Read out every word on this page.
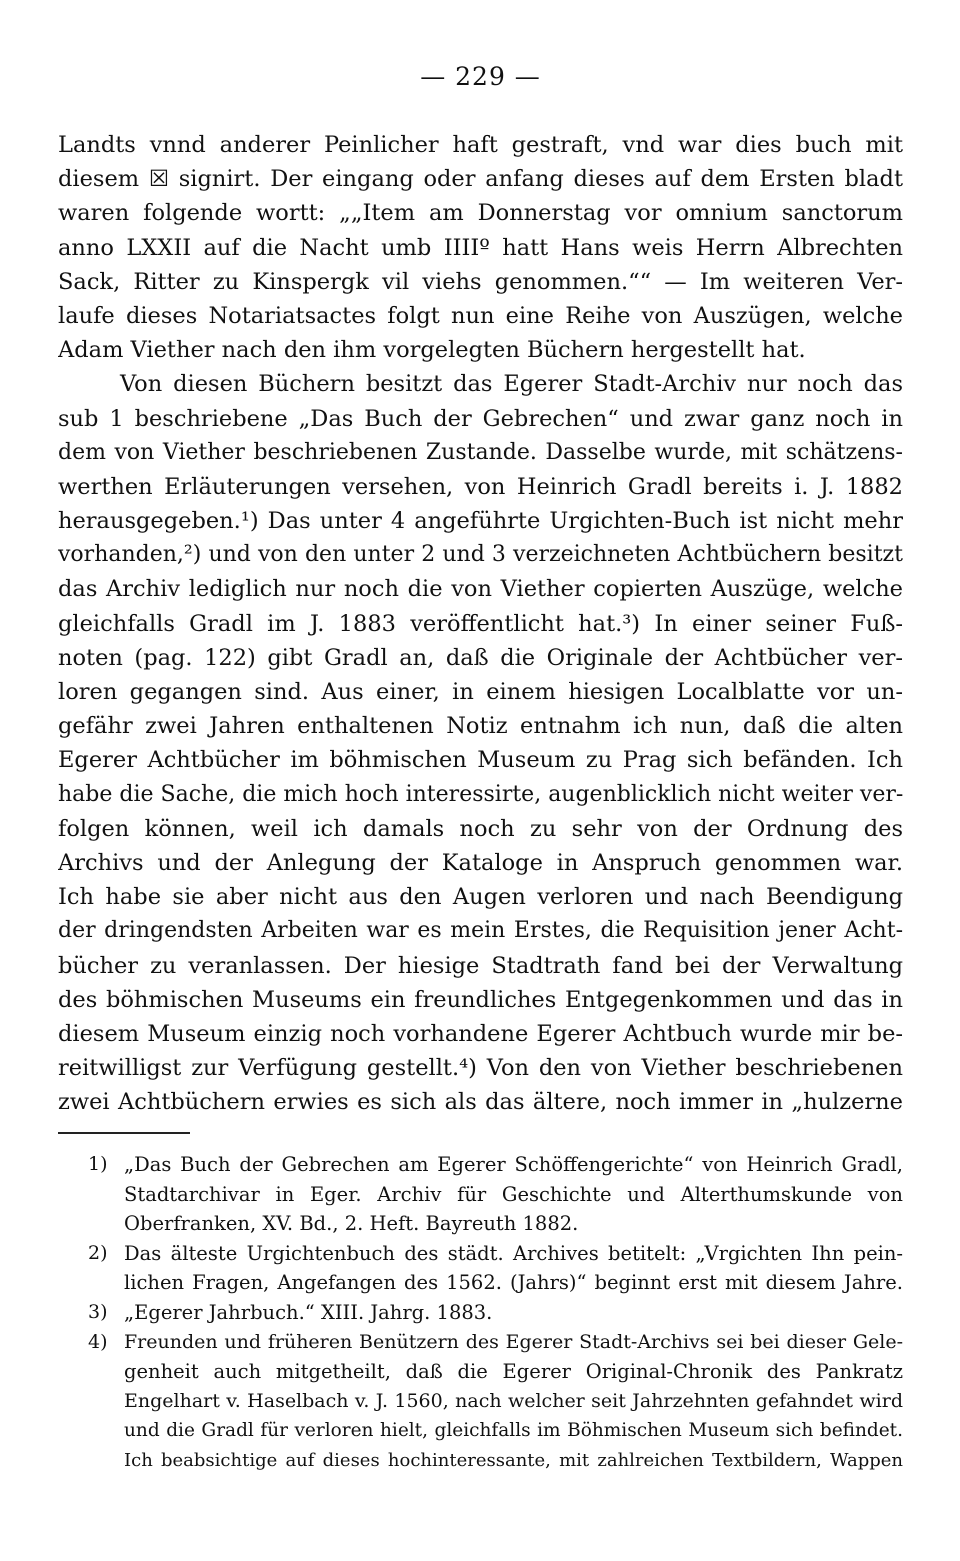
— 229 —
Landts vnnd anderer Peinlicher haft gestraft, vnd war dies buch mit
diesem ☒ signirt. Der eingang oder anfang dieses auf dem Ersten bladt
waren folgende wortt: „„Item am Donnerstag vor omnium sanctorum
anno LXXII auf die Nacht umb IIIIº hatt Hans weis Herrn Albrechten
Sack, Ritter zu Kinspergk vil viehs genommen.““ — Im weiteren Ver-
laufe dieses Notariatsactes folgt nun eine Reihe von Auszügen, welche
Adam Viether nach den ihm vorgelegten Büchern hergestellt hat.
Von diesen Büchern besitzt das Egerer Stadt-Archiv nur noch das
sub 1 beschriebene „Das Buch der Gebrechen“ und zwar ganz noch in
dem von Viether beschriebenen Zustande. Dasselbe wurde, mit schätzens-
werthen Erläuterungen versehen, von Heinrich Gradl bereits i. J. 1882
herausgegeben.¹) Das unter 4 angeführte Urgichten-Buch ist nicht mehr
vorhanden,²) und von den unter 2 und 3 verzeichneten Achtbüchern besitzt
das Archiv lediglich nur noch die von Viether copierten Auszüge, welche
gleichfalls Gradl im J. 1883 veröffentlicht hat.³) In einer seiner Fuß-
noten (pag. 122) gibt Gradl an, daß die Originale der Achtbücher ver-
loren gegangen sind. Aus einer, in einem hiesigen Localblatte vor un-
gefähr zwei Jahren enthaltenen Notiz entnahm ich nun, daß die alten
Egerer Achtbücher im böhmischen Museum zu Prag sich befänden. Ich
habe die Sache, die mich hoch interessirte, augenblicklich nicht weiter ver-
folgen können, weil ich damals noch zu sehr von der Ordnung des
Archivs und der Anlegung der Kataloge in Anspruch genommen war.
Ich habe sie aber nicht aus den Augen verloren und nach Beendigung
der dringendsten Arbeiten war es mein Erstes, die Requisition jener Acht-
bücher zu veranlassen. Der hiesige Stadtrath fand bei der Verwaltung
des böhmischen Museums ein freundliches Entgegenkommen und das in
diesem Museum einzig noch vorhandene Egerer Achtbuch wurde mir be-
reitwilligst zur Verfügung gestellt.⁴) Von den von Viether beschriebenen
zwei Achtbüchern erwies es sich als das ältere, noch immer in „hulzerne
1) „Das Buch der Gebrechen am Egerer Schöffengerichte“ von Heinrich Gradl,
Stadtarchivar in Eger. Archiv für Geschichte und Alterthumskunde von
Oberfranken, XV. Bd., 2. Heft. Bayreuth 1882.
2) Das älteste Urgichtenbuch des städt. Archives betitelt: „Vrgichten Ihn pein-
lichen Fragen, Angefangen des 1562. (Jahrs)“ beginnt erst mit diesem Jahre.
3) „Egerer Jahrbuch.“ XIII. Jahrg. 1883.
4) Freunden und früheren Benützern des Egerer Stadt-Archivs sei bei dieser Gele-
genheit auch mitgetheilt, daß die Egerer Original-Chronik des Pankratz
Engelhart v. Haselbach v. J. 1560, nach welcher seit Jahrzehnten gefahndet wird
und die Gradl für verloren hielt, gleichfalls im Böhmischen Museum sich befindet.
Ich beabsichtige auf dieses hochinteressante, mit zahlreichen Textbildern, Wappen
